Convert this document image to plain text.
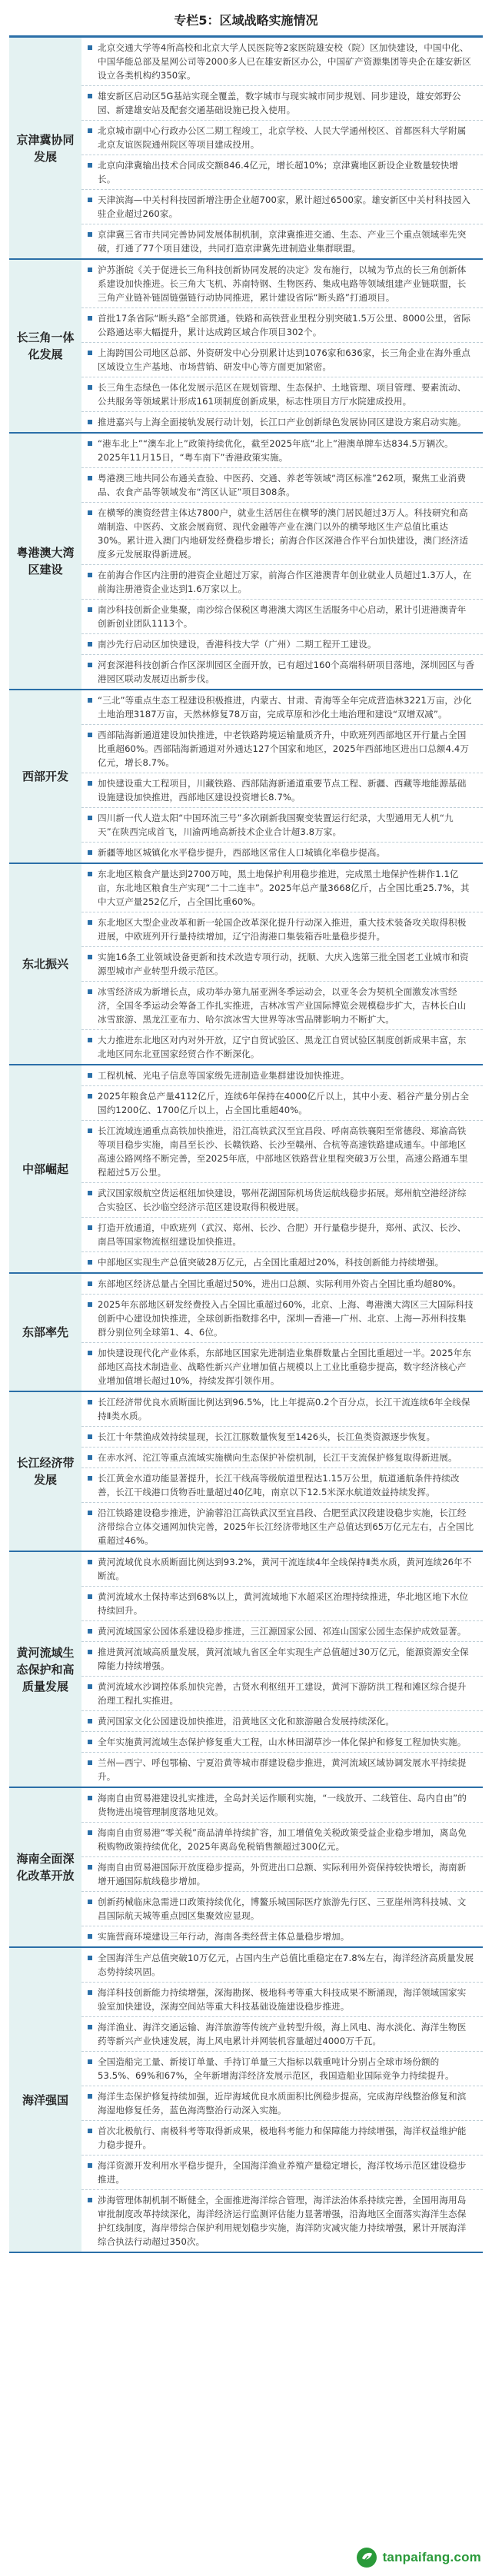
专栏5：区域战略实施情况
京津冀协同发展
北京交通大学等4所高校和北京大学人民医院等2家医院雄安校（院）区加快建设，中国中化、中国华能总部及星网公司等2000多人已在雄安新区办公，中国矿产资源集团等央企在雄安新区设立各类机构约350家。
雄安新区启动区5G基站实现全覆盖，数字城市与现实城市同步规划、同步建设，雄安郊野公园、新建雄安站及配套交通基础设施已投入使用。
北京城市副中心行政办公区二期工程竣工，北京学校、人民大学通州校区、首都医科大学附属北京友谊医院通州院区等项目建成投用。
北京向津冀输出技术合同成交额846.4亿元，增长超10%；京津冀地区新设企业数量较快增长。
天津滨海—中关村科技园新增注册企业超700家，累计超过6500家。雄安新区中关村科技园入驻企业超过260家。
京津冀三省市共同完善协同发展体制机制，京津冀推进交通、生态、产业三个重点领域率先突破，打通了77个项目建设，共同打造京津冀先进制造业集群联盟。
长三角一体化发展
沪苏浙皖《关于促进长三角科技创新协同发展的决定》发布施行，以城为节点的长三角创新体系建设加快推进。长三角大飞机、苏南特钢、生物医药、集成电路等领域组建产业链联盟，长三角产业链补链固链强链行动协同推进，累计建设省际“断头路”打通项目。
首批17条省际“断头路”全部贯通。铁路和高铁营业里程分别突破1.5万公里、8000公里，省际公路通达率大幅提升，累计达成跨区域合作项目302个。
上海跨国公司地区总部、外资研发中心分别累计达到1076家和636家，长三角企业在海外重点区域设立生产基地、市场营销、研发中心等方面更加紧密。
长三角生态绿色一体化发展示范区在规划管理、生态保护、土地管理、项目管理、要素流动、公共服务等领域累计形成161项制度创新成果，标志性项目方厅水院建成投用。
推进嘉兴与上海全面接轨发展行动计划，长江口产业创新绿色发展协同区建设方案启动实施。
粤港澳大湾区建设
“港车北上”“澳车北上”政策持续优化，截至2025年底“北上”港澳单牌车达834.5万辆次。2025年11月15日，“粤车南下”香港政策实施。
粤港澳三地共同公布通关查验、中医药、交通、养老等领域“湾区标准”262项，聚焦工业消费品、农食产品等领域发布“湾区认证”项目308条。
在横琴的澳资经营主体达7800户，就业生活居住在横琴的澳门居民超过3万人。科技研究和高端制造、中医药、文旅会展商贸、现代金融等产业在澳门以外的横琴地区生产总值比重达30%。累计进入澳门内地研发经费稳步增长；前海合作区深港合作平台加快建设，澳门经济适度多元发展取得新进展。
在前海合作区内注册的港资企业超过万家，前海合作区港澳青年创业就业人员超过1.3万人，在前海注册港资企业达到1.6万家以上。
南沙科技创新企业集聚，南沙综合保税区粤港澳大湾区生活服务中心启动，累计引进港澳青年创新创业团队1113个。
南沙先行启动区加快建设，香港科技大学（广州）二期工程开工建设。
河套深港科技创新合作区深圳园区全面开放，已有超过160个高端科研项目落地，深圳园区与香港园区联动发展迈出新步伐。
西部开发
“三北”等重点生态工程建设积极推进，内蒙古、甘肃、青海等全年完成营造林3221万亩，沙化土地治理3187万亩，天然林修复78万亩，完成草原和沙化土地治理和建设“双增双减”。
西部陆海新通道建设加快推进，中老铁路跨境运输量质齐升，中欧班列西部地区开行量占全国比重超60%。西部陆海新通道对外通达127个国家和地区，2025年西部地区进出口总额4.4万亿元，增长8.7%。
加快建设重大工程项目，川藏铁路、西部陆海新通道重要节点工程、新疆、西藏等地能源基础设施建设加快推进，西部地区建设投资增长8.7%。
四川新一代人造太阳“中国环流三号”多次刷新我国聚变装置运行纪录，大型通用无人机“九天”在陕西完成首飞，川渝两地高新技术企业合计超3.8万家。
新疆等地区城镇化水平稳步提升，西部地区常住人口城镇化率稳步提高。
东北振兴
东北地区粮食产量达到2700万吨，黑土地保护利用稳步推进，完成黑土地保护性耕作1.1亿亩，东北地区粮食生产实现“二十二连丰”。2025年总产量3668亿斤，占全国比重25.7%，其中大豆产量252亿斤，占全国比重60%。
东北地区大型企业改革和新一轮国企改革深化提升行动深入推进，重大技术装备攻关取得积极进展，中欧班列开行量持续增加，辽宁沿海港口集装箱吞吐量稳步提升。
实施16条工业领域设备更新和技术改造专项行动，抚顺、大庆入选第三批全国老工业城市和资源型城市产业转型升级示范区。
冰雪经济成为新增长点，成功举办第九届亚洲冬季运动会，以亚冬会为契机全面激发冰雪经济，全国冬季运动会筹备工作扎实推进，吉林冰雪产业国际博览会规模稳步扩大，吉林长白山冰雪旅游、黑龙江亚布力、哈尔滨冰雪大世界等冰雪品牌影响力不断扩大。
大力推进东北地区对内对外开放，辽宁自贸试验区、黑龙江自贸试验区制度创新成果丰富，东北地区同东北亚国家经贸合作不断深化。
中部崛起
工程机械、光电子信息等国家级先进制造业集群建设加快推进。
2025年粮食总产量4112亿斤，连续6年保持在4000亿斤以上，其中小麦、稻谷产量分别占全国约1200亿、1700亿斤以上，占全国比重超40%。
长江流域连通重点高铁加快推进，沿江高铁武汉至宜昌段、呼南高铁襄阳至常德段、郑渝高铁等项目稳步实施，南昌至长沙、长赣铁路、长沙至赣州、合杭等高速铁路建成通车。中部地区高速公路网络不断完善，至2025年底，中部地区铁路营业里程突破3万公里，高速公路通车里程超过5万公里。
武汉国家级航空货运枢纽加快建设，鄂州花湖国际机场货运航线稳步拓展。郑州航空港经济综合实验区、长沙临空经济示范区建设取得积极进展。
打造开放通道，中欧班列（武汉、郑州、长沙、合肥）开行量稳步提升，郑州、武汉、长沙、南昌等国家物流枢纽建设加快推进。
中部地区实现生产总值突破28万亿元，占全国比重超过20%，科技创新能力持续增强。
东部率先
东部地区经济总量占全国比重超过50%，进出口总额、实际利用外资占全国比重均超80%。
2025年东部地区研发经费投入占全国比重超过60%，北京、上海、粤港澳大湾区三大国际科技创新中心建设加快推进，全球创新指数排名中，深圳—香港—广州、北京、上海—苏州科技集群分别位列全球第1、4、6位。
加快建设现代化产业体系，东部地区国家先进制造业集群数量占全国比重超过一半。2025年东部地区高技术制造业、战略性新兴产业增加值占规模以上工业比重稳步提高，数字经济核心产业增加值增长超过10%，持续发挥引领作用。
长江经济带发展
长江经济带优良水质断面比例达到96.5%，比上年提高0.2个百分点，长江干流连续6年全线保持Ⅱ类水质。
长江十年禁渔成效持续显现，长江江豚数量恢复至1426头，长江鱼类资源逐步恢复。
在赤水河、沱江等重点流域实施横向生态保护补偿机制，长江干支流保护修复取得新进展。
长江黄金水道功能显著提升，长江干线高等级航道里程达1.15万公里，航道通航条件持续改善，长江干线港口货物吞吐量超过40亿吨，南京以下12.5米深水航道效益持续发挥。
沿江铁路建设稳步推进，沪渝蓉沿江高铁武汉至宜昌段、合肥至武汉段建设稳步实施，长江经济带综合立体交通网加快完善，2025年长江经济带地区生产总值达到65万亿元左右，占全国比重超过46%。
黄河流域生态保护和高质量发展
黄河流域优良水质断面比例达到93.2%，黄河干流连续4年全线保持Ⅱ类水质，黄河连续26年不断流。
黄河流域水土保持率达到68%以上，黄河流域地下水超采区治理持续推进，华北地区地下水位持续回升。
黄河流域国家公园体系建设稳步推进，三江源国家公园、祁连山国家公园生态保护成效显著。
推进黄河流域高质量发展，黄河流域九省区全年实现生产总值超过30万亿元，能源资源安全保障能力持续增强。
黄河流域水沙调控体系加快完善，古贤水利枢纽开工建设，黄河下游防洪工程和滩区综合提升治理工程扎实推进。
黄河国家文化公园建设加快推进，沿黄地区文化和旅游融合发展持续深化。
全年实施黄河流域生态保护修复重大工程，山水林田湖草沙一体化保护和修复工程加快实施。
兰州—西宁、呼包鄂榆、宁夏沿黄等城市群建设稳步推进，黄河流域区域协调发展水平持续提升。
海南全面深化改革开放
海南自由贸易港建设扎实推进，全岛封关运作顺利实施，“一线放开、二线管住、岛内自由”的货物进出境管理制度落地见效。
海南自由贸易港“零关税”商品清单持续扩容，加工增值免关税政策受益企业稳步增加，离岛免税购物政策持续优化，2025年离岛免税销售额超过300亿元。
海南自由贸易港国际开放度稳步提高，外贸进出口总额、实际利用外资保持较快增长，海南新增开通国际航线稳步增加。
创新药械临床急需进口政策持续优化，博鳌乐城国际医疗旅游先行区、三亚崖州湾科技城、文昌国际航天城等重点园区集聚效应显现。
实施营商环境建设三年行动，海南各类经营主体总量稳步增加。
海洋强国
全国海洋生产总值突破10万亿元，占国内生产总值比重稳定在7.8%左右，海洋经济高质量发展态势持续巩固。
海洋科技创新能力持续增强，深海勘探、极地科考等重大科技成果不断涌现，海洋领域国家实验室加快建设，深海空间站等重大科技基础设施建设稳步推进。
海洋渔业、海洋交通运输、海洋旅游等传统产业转型升级，海上风电、海水淡化、海洋生物医药等新兴产业快速发展，海上风电累计并网装机容量超过4000万千瓦。
全国造船完工量、新接订单量、手持订单量三大指标以载重吨计分别占全球市场份额的53.5%、69%和67%，全年新增海洋经济发展示范区，我国造船业国际竞争力持续提升。
海洋生态保护修复持续加强，近岸海域优良水质面积比例稳步提高，完成海岸线整治修复和滨海湿地修复任务，蓝色海湾整治行动深入实施。
首次北极航行、南极科考等取得新成果，极地科考能力和保障能力持续增强，海洋权益维护能力稳步提升。
海洋资源开发利用水平稳步提升，全国海洋渔业养殖产量稳定增长，海洋牧场示范区建设稳步推进。
涉海管理体制机制不断健全，全面推进海洋综合管理，海洋法治体系持续完善，全国用海用岛审批制度改革持续深化，海洋经济运行监测评估能力显著增强，沿海地区全面落实海洋生态保护红线制度，海岸带综合保护利用规划稳步实施，海洋防灾减灾能力持续增强，累计开展海洋综合执法行动超过350次。
tanpaifang.com
